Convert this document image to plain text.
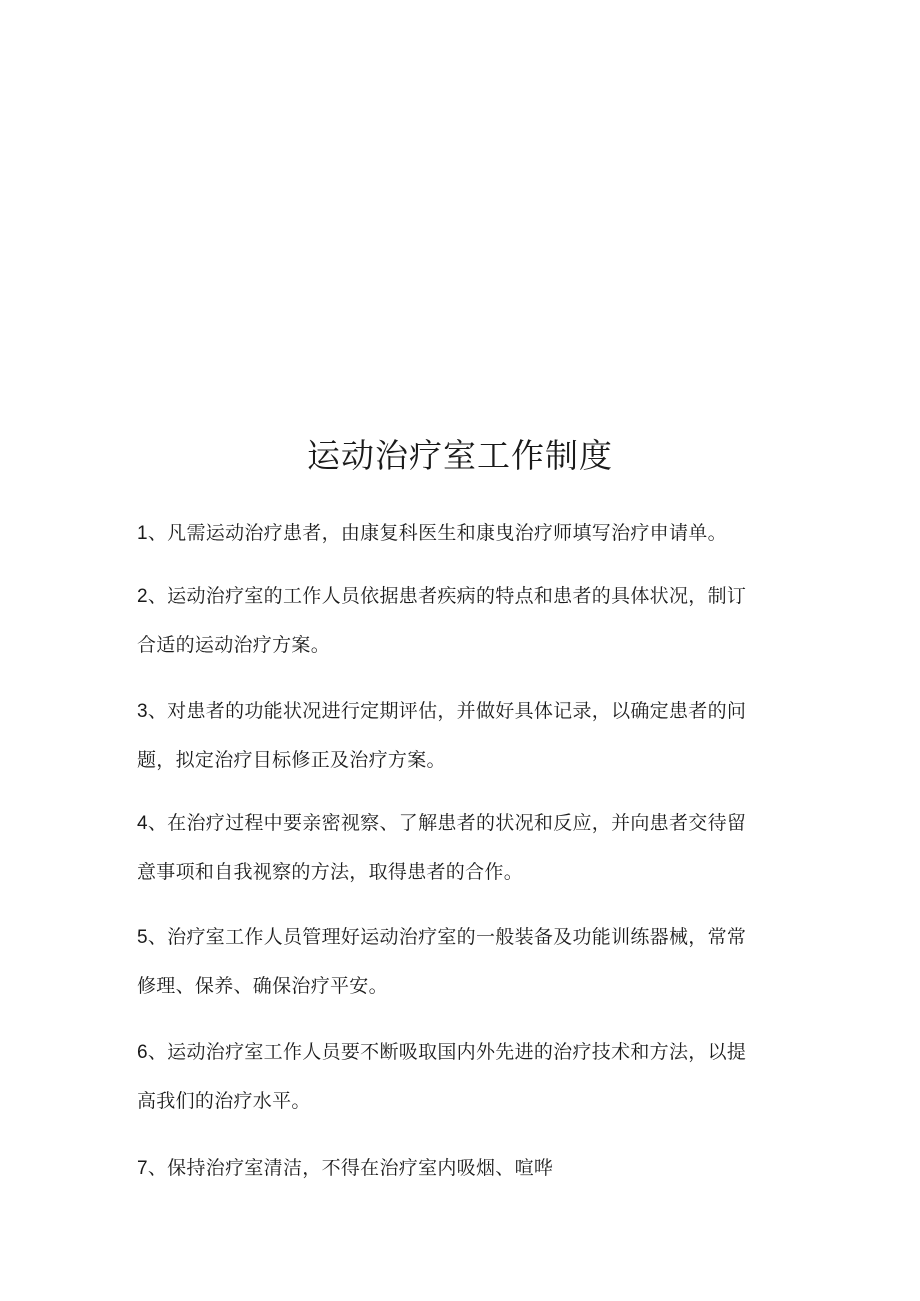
运动治疗室工作制度
1、凡需运动治疗患者，由康复科医生和康曳治疗师填写治疗申请单。
2、运动治疗室的工作人员依据患者疾病的特点和患者的具体状况，制订
合适的运动治疗方案。
3、对患者的功能状况进行定期评估，并做好具体记录，以确定患者的问
题，拟定治疗目标修正及治疗方案。
4、在治疗过程中要亲密视察、了解患者的状况和反应，并向患者交待留
意事项和自我视察的方法，取得患者的合作。
5、治疗室工作人员管理好运动治疗室的一般装备及功能训练器械，常常
修理、保养、确保治疗平安。
6、运动治疗室工作人员要不断吸取国内外先进的治疗技术和方法，以提
高我们的治疗水平。
7、保持治疗室清洁，不得在治疗室内吸烟、喧哗
